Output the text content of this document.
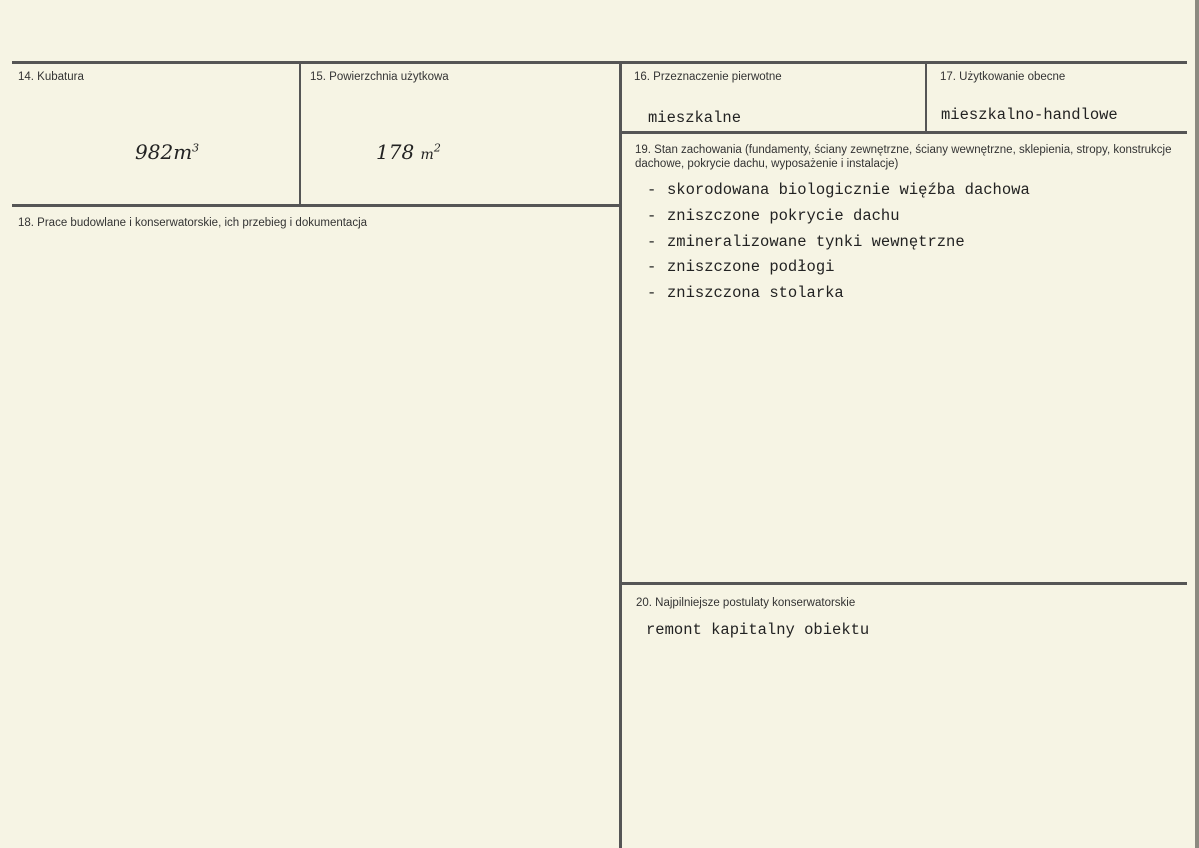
14. Kubatura
$982m^3$
15. Powierzchnia użytkowa
178 $m^2$
16. Przeznaczenie pierwotne
mieszkalne
17. Użytkowanie obecne
mieszkalno-handlowe
18. Prace budowlane i konserwatorskie, ich przebieg i dokumentacja
19. Stan zachowania (fundamenty, ściany zewnętrzne, ściany wewnętrzne, sklepienia, stropy, konstrukcje dachowe, pokrycie dachu, wyposażenie i instalacje)
- skorodowana biologicznie więźba dachowa
- zniszczone pokrycie dachu
- zmineralizowane tynki wewnętrzne
- zniszczone podłogi
- zniszczona stolarka
20. Najpilniejsze postulaty konserwatorskie
remont kapitalny obiektu
